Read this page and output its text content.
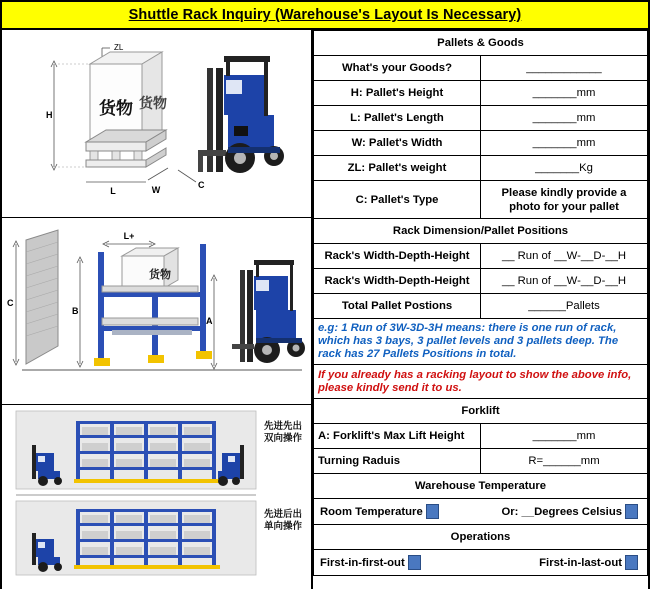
Shuttle Rack Inquiry (Warehouse's Layout Is Necessary)
ZL
货物 货物
H
L	W	C
C
L+
货物
B
A
先进先出
双向操作
先进后出
单向操作
Pallets & Goods	
What's your Goods?	____________
H: Pallet's Height	_______mm
L: Pallet's Length	_______mm
W: Pallet's Width	_______mm
ZL: Pallet's weight	_______Kg
C: Pallet's Type	Please kindly provide a photo for your pallet
Rack Dimension/Pallet Positions	
Rack's Width-Depth-Height	__ Run of __W-__D-__H
Rack's Width-Depth-Height	__ Run of __W-__D-__H
Total Pallet Postions	______Pallets
e.g: 1 Run of 3W-3D-3H means: there is one run of rack, which has 3 bays, 3 pallet levels and 3 pallets deep. The rack has 27 Pallets Positions in total.	
If you already has a racking layout to show the above info, please kindly send it to us.	
Forklift	
A: Forklift's Max Lift Height	_______mm
Turning Raduis	R=______mm
Warehouse Temperature	

Room Temperature Or: __Degrees Celsius	

Operations	

First-in-first-out First-in-last-out	
